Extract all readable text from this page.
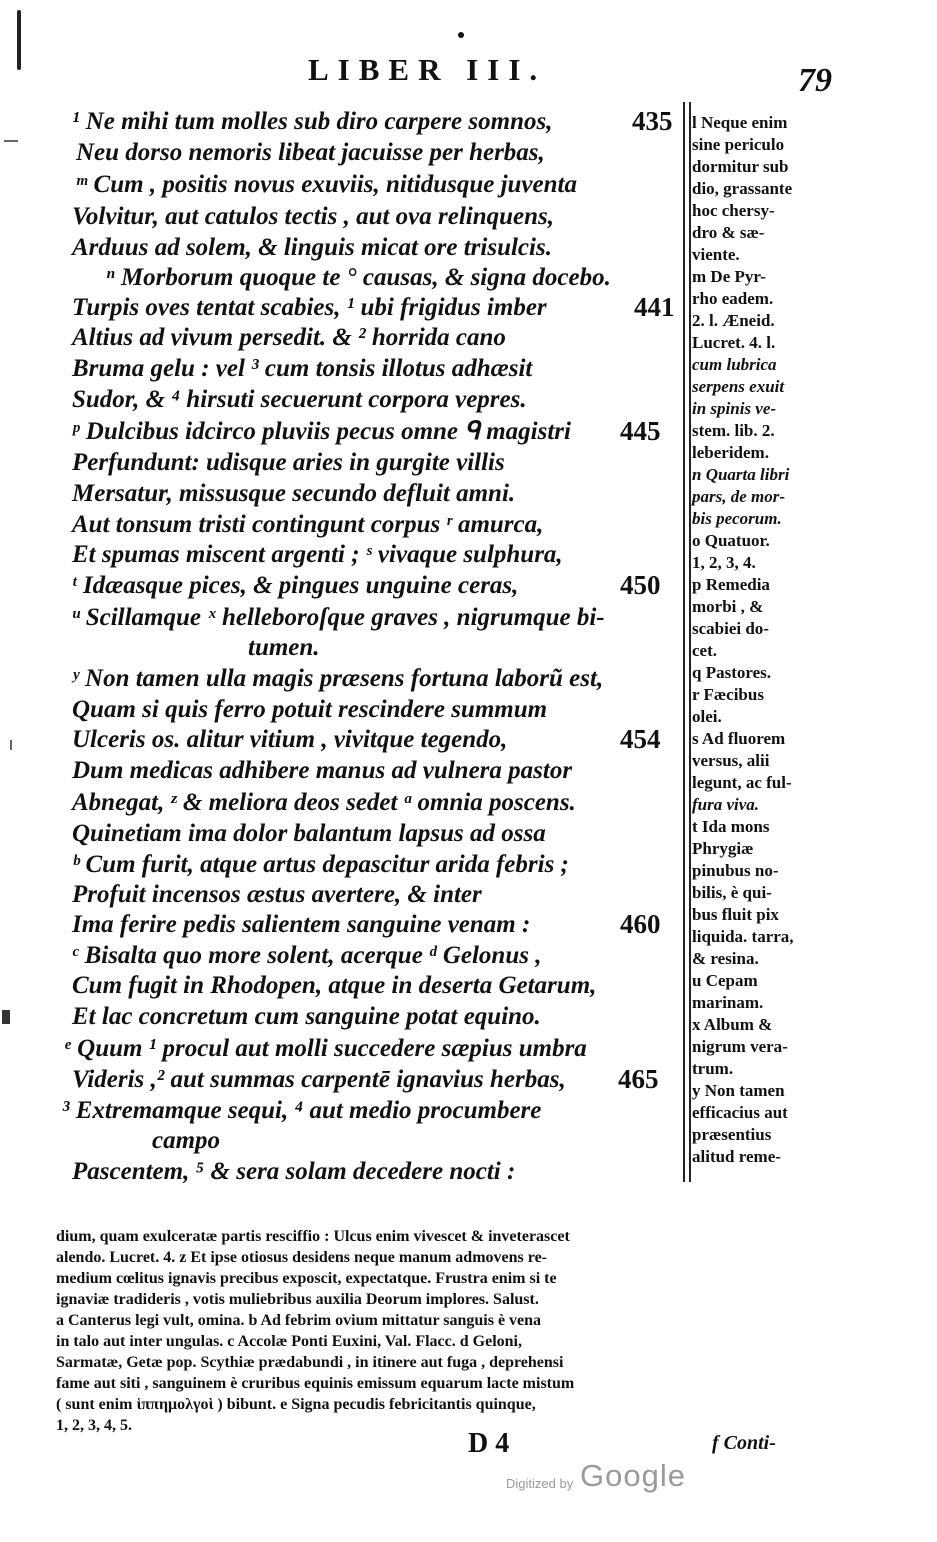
LIBER III.	79
¹ Ne mihi tum molles sub diro carpere somnos,
Neu dorso nemoris libeat jacuisse per herbas,
ᵐ Cum , positis novus exuviis, nitidusque juventa
Volvitur, aut catulos tectis , aut ova relinquens,
Arduus ad solem, & linguis micat ore trisulcis.
ⁿ Morborum quoque te ° causas, & signa docebo.
Turpis oves tentat scabies, ¹ ubi frigidus imber
Altius ad vivum persedit. & ² horrida cano
Bruma gelu : vel ³ cum tonsis illotus adhæsit
Sudor, & ⁴ hirsuti secuerunt corpora vepres.
ᵖ Dulcibus idcirco pluviis pecus omne ᑫ magistri
Perfundunt: udisque aries in gurgite villis
Mersatur, missusque secundo defluit amni.
Aut tonsum tristi contingunt corpus ʳ amurca,
Et spumas miscent argenti ; ˢ vivaque sulphura,
ᵗ Idæasque pices, & pingues unguine ceras,
ᵘ Scillamque ˣ helleboroſque graves , nigrumque bi-
tumen.
ʸ Non tamen ulla magis præsens fortuna laborũ est,
Quam si quis ferro potuit rescindere summum
Ulceris os. alitur vitium , vivitque tegendo,
Dum medicas adhibere manus ad vulnera pastor
Abnegat, ᶻ & meliora deos sedet ᵃ omnia poscens.
Quinetiam ima dolor balantum lapsus ad ossa
ᵇ Cum furit, atque artus depascitur arida febris ;
Profuit incensos æstus avertere, & inter
Ima ferire pedis salientem sanguine venam :
ᶜ Bisalta quo more solent, acerque ᵈ Gelonus ,
Cum fugit in Rhodopen, atque in deserta Getarum,
Et lac concretum cum sanguine potat equino.
ᵉ Quum ¹ procul aut molli succedere sæpius umbra
Videris ,² aut summas carpentē ignavius herbas,
³ Extremamque sequi, ⁴ aut medio procumbere
campo
Pascentem, ⁵ & sera solam decedere nocti :
435
441
445
450
454
460
465
l Neque enim
sine periculo
dormitur sub
dio, grassante
hoc chersy-
dro & sæ-
viente.
m De Pyr-
rho eadem.
2. l. Æneid.
Lucret. 4. l.
cum lubrica
serpens exuit
in spinis ve-
stem. lib. 2.
leberidem.
n Quarta libri
pars, de mor-
bis pecorum.
o Quatuor.
1, 2, 3, 4.
p Remedia
morbi , &
scabiei do-
cet.
q Pastores.
r Fæcibus
olei.
s Ad fluorem
versus, alii
legunt, ac ful-
fura viva.
t Ida mons
Phrygiæ
pinubus no-
bilis, è qui-
bus fluit pix
liquida. tarra,
& resina.
u Cepam
marinam.
x Album &
nigrum vera-
trum.
y Non tamen
efficacius aut
præsentius
alitud reme-
dium, quam exulceratæ partis resciffio : Ulcus enim vivescet & inveterascet
alendo. Lucret. 4. z Et ipse otiosus desidens neque manum admovens re-
medium cœlitus ignavis precibus exposcit, expectatque. Frustra enim si te
ignaviæ tradideris , votis muliebribus auxilia Deorum implores. Salust.
a Canterus legi vult, omina. b Ad febrim ovium mittatur sanguis è vena
in talo aut inter ungulas. c Accolæ Ponti Euxini, Val. Flacc. d Geloni,
Sarmatæ, Getæ pop. Scythiæ prædabundi , in itinere aut fuga , deprehensi
fame aut siti , sanguinem è cruribus equinis emissum equarum lacte mistum
( sunt enim ἱππημολγοὶ ) bibunt. e Signa pecudis febricitantis quinque,
1, 2, 3, 4, 5.
D 4	f Conti-
Digitized by Google
